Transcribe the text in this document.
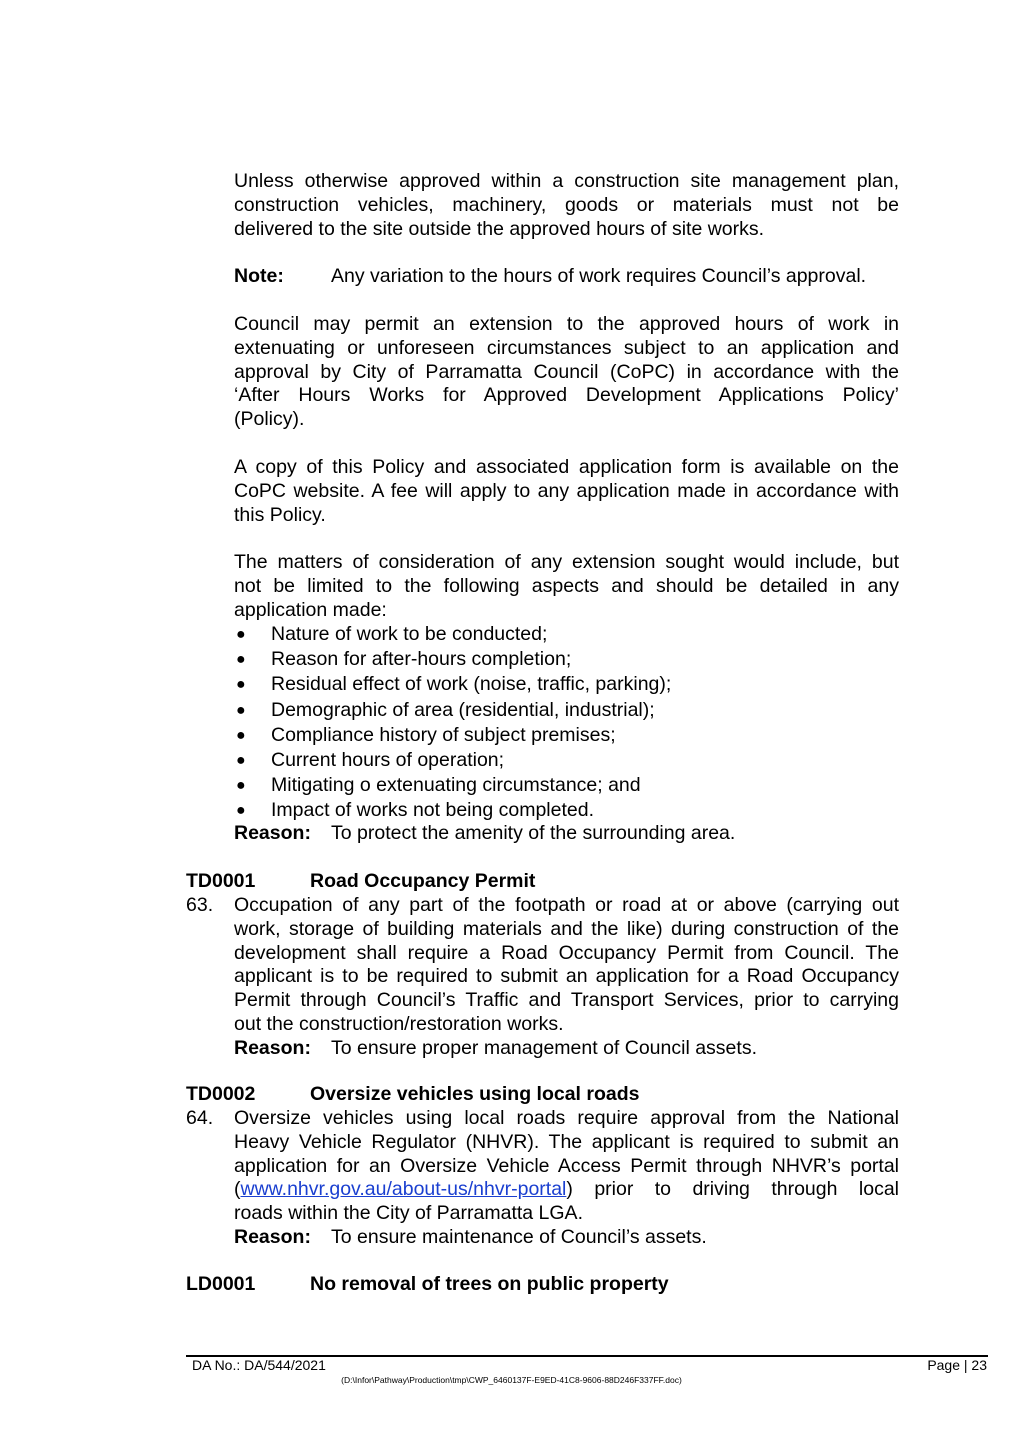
Unless otherwise approved within a construction site management plan,
construction vehicles, machinery, goods or materials must not be
delivered to the site outside the approved hours of site works.
Note: Any variation to the hours of work requires Council’s approval.
Council may permit an extension to the approved hours of work in
extenuating or unforeseen circumstances subject to an application and
approval by City of Parramatta Council (CoPC) in accordance with the
‘After Hours Works for Approved Development Applications Policy’
(Policy).
A copy of this Policy and associated application form is available on the
CoPC website. A fee will apply to any application made in accordance with
this Policy.
The matters of consideration of any extension sought would include, but
not be limited to the following aspects and should be detailed in any
application made:
● Nature of work to be conducted;
● Reason for after-hours completion;
● Residual effect of work (noise, traffic, parking);
● Demographic of area (residential, industrial);
● Compliance history of subject premises;
● Current hours of operation;
● Mitigating o extenuating circumstance; and
● Impact of works not being completed.
Reason: To protect the amenity of the surrounding area.
TD0001	Road Occupancy Permit
63. Occupation of any part of the footpath or road at or above (carrying out
work, storage of building materials and the like) during construction of the
development shall require a Road Occupancy Permit from Council. The
applicant is to be required to submit an application for a Road Occupancy
Permit through Council’s Traffic and Transport Services, prior to carrying
out the construction/restoration works.
Reason: To ensure proper management of Council assets.
TD0002	Oversize vehicles using local roads
64. Oversize vehicles using local roads require approval from the National
Heavy Vehicle Regulator (NHVR). The applicant is required to submit an
application for an Oversize Vehicle Access Permit through NHVR’s portal
(www.nhvr.gov.au/about-us/nhvr-portal) prior to driving through local
roads within the City of Parramatta LGA.
Reason: To ensure maintenance of Council’s assets.
LD0001	No removal of trees on public property
DA No.: DA/544/2021	Page | 23
(D:\Infor\Pathway\Production\tmp\CWP_6460137F-E9ED-41C8-9606-88D246F337FF.doc)
